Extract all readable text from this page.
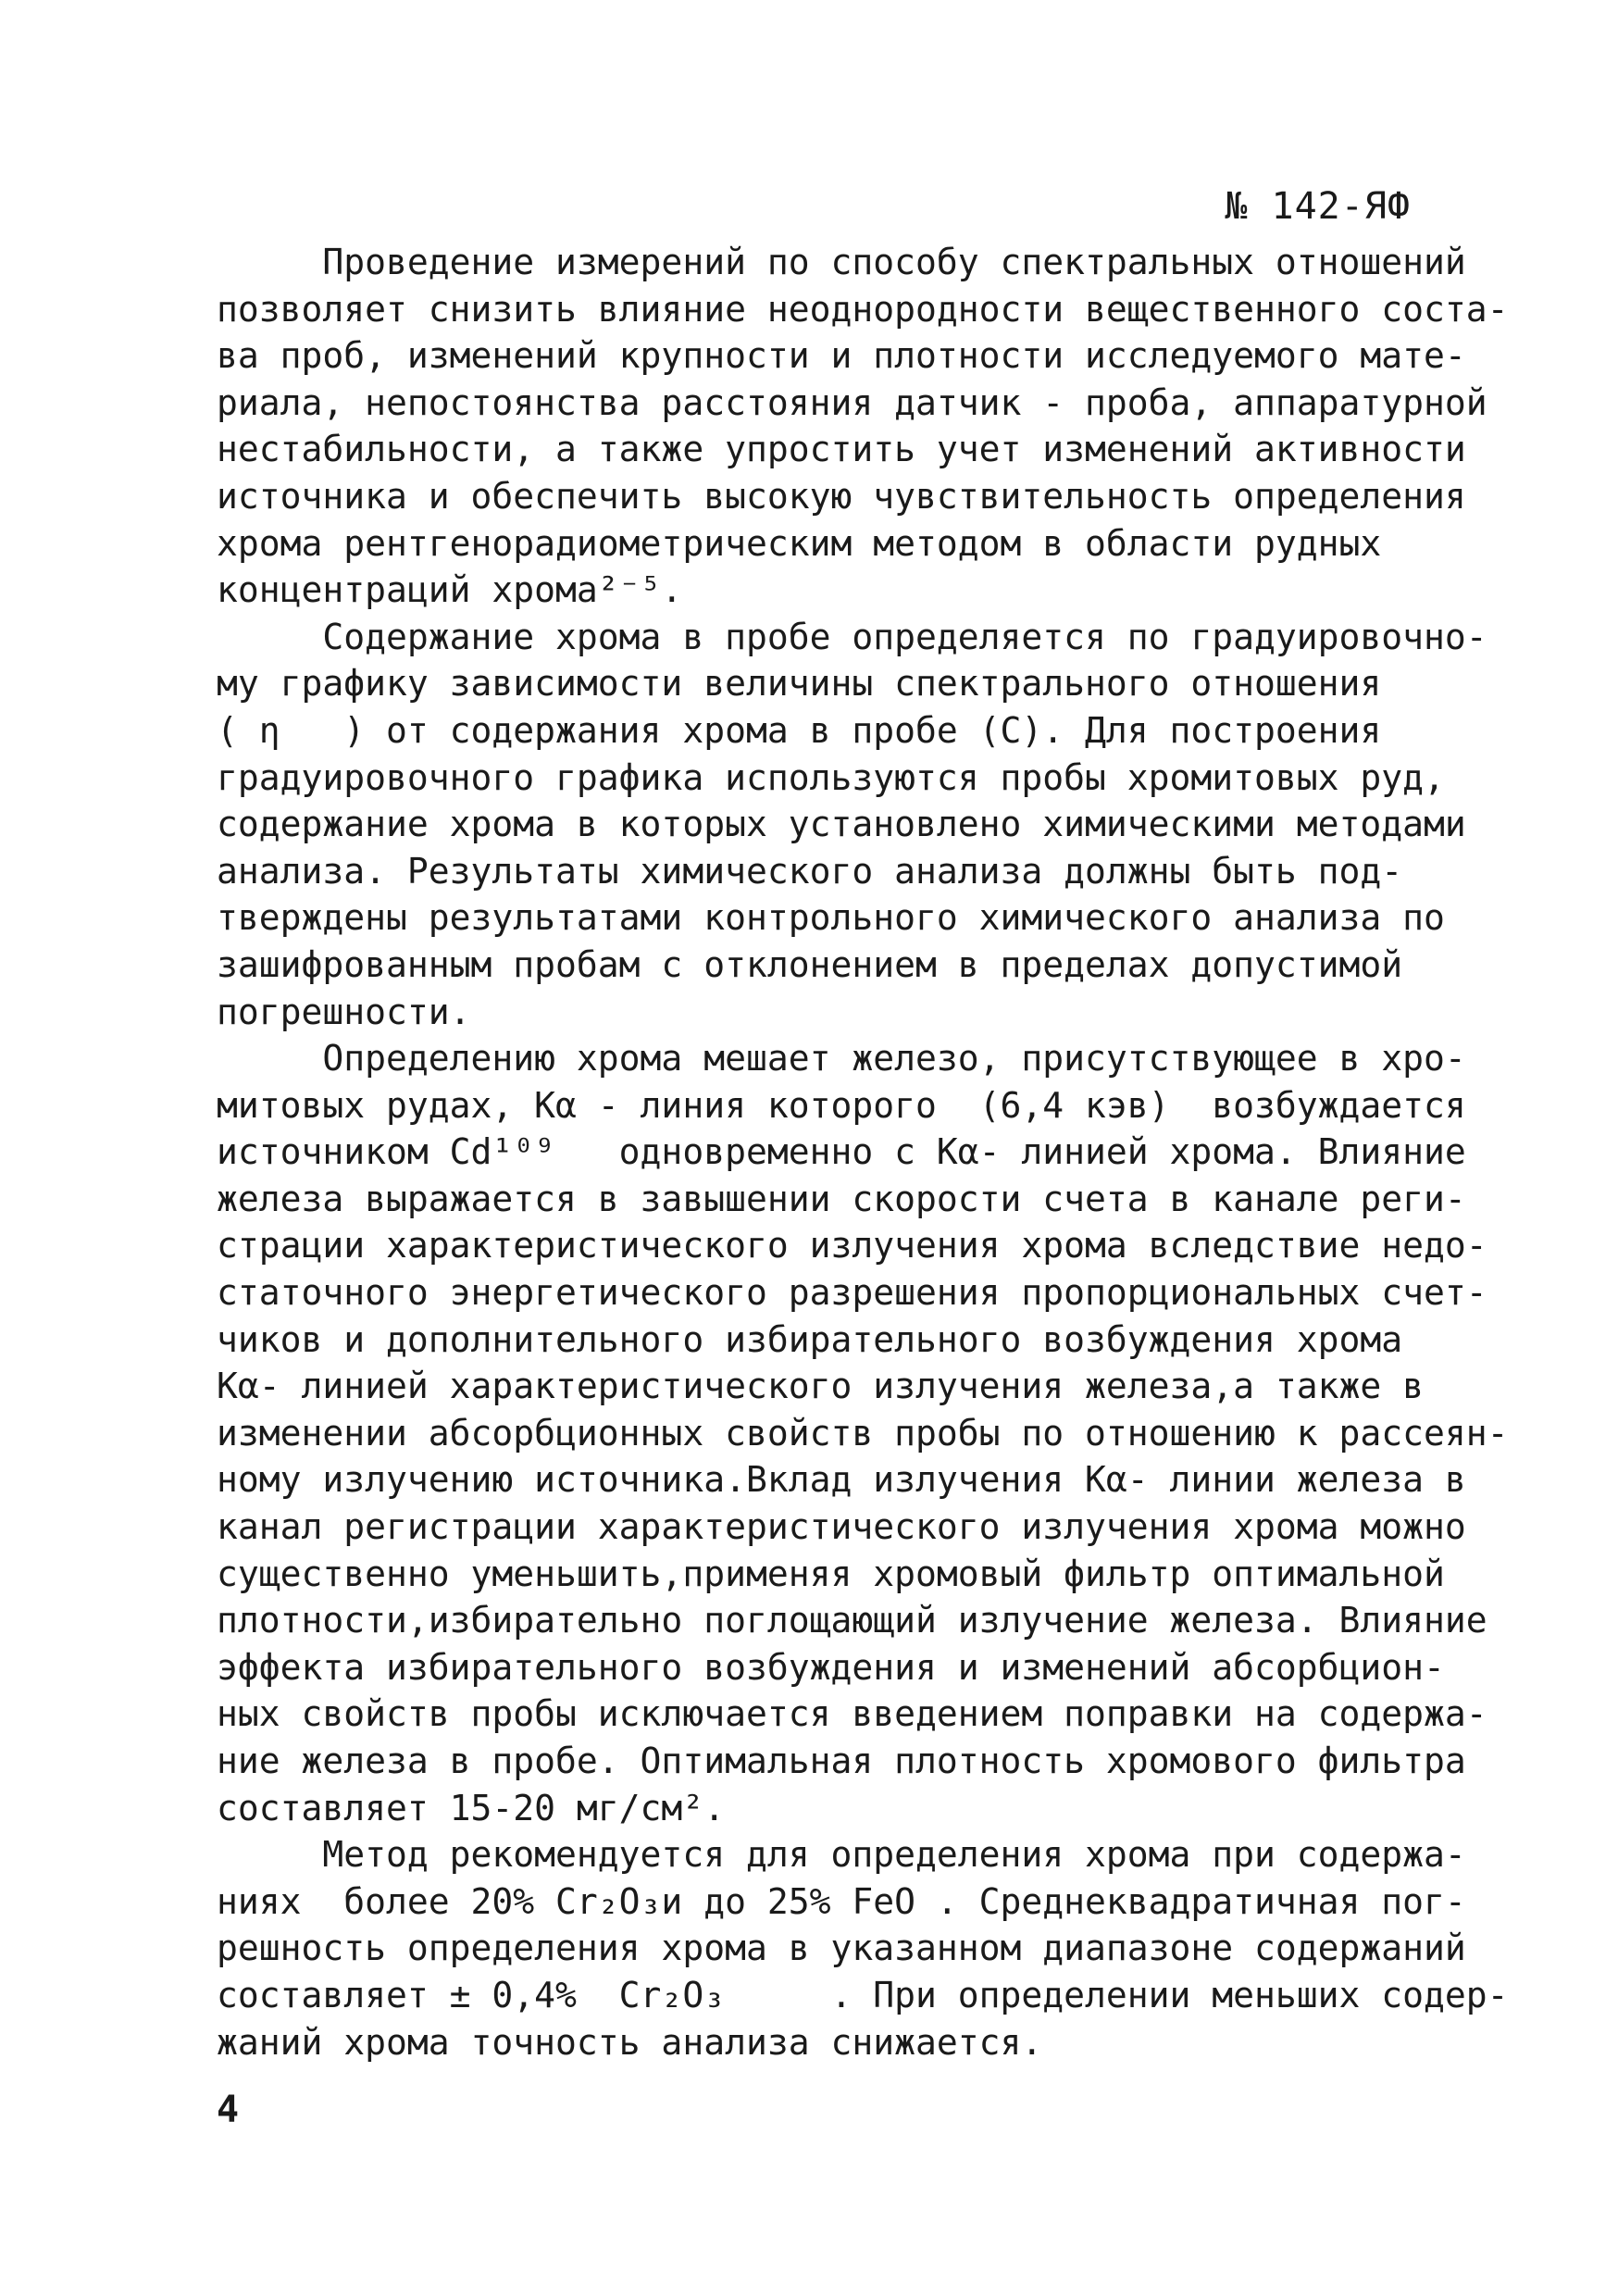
№ 142-ЯФ
Проведение измерений по способу спектральных отношений
позволяет снизить влияние неоднородности вещественного соста-
ва проб, изменений крупности и плотности исследуемого мате-
риала, непостоянства расстояния датчик - проба, аппаратурной
нестабильности, а также упростить учет изменений активности
источника и обеспечить высокую чувствительность определения
хрома рентгенорадиометрическим методом в области рудных
концентраций хрома²⁻⁵.
Содержание хрома в пробе определяется по градуировочно-
му графику зависимости величины спектрального отношения
( η   ) от содержания хрома в пробе (С). Для построения
градуировочного графика используются пробы хромитовых руд,
содержание хрома в которых установлено химическими методами
анализа. Результаты химического анализа должны быть под-
тверждены результатами контрольного химического анализа по
зашифрованным пробам с отклонением в пределах допустимой
погрешности.
Определению хрома мешает железо, присутствующее в хро-
митовых рудах, Kα - линия которого  (6,4 кэв)  возбуждается
источником Cd¹⁰⁹   одновременно с Kα- линией хрома. Влияние
железа выражается в завышении скорости счета в канале реги-
страции характеристического излучения хрома вследствие недо-
статочного энергетического разрешения пропорциональных счет-
чиков и дополнительного избирательного возбуждения хрома
Kα- линией характеристического излучения железа,а также в
изменении абсорбционных свойств пробы по отношению к рассеян-
ному излучению источника.Вклад излучения Kα- линии железа в
канал регистрации характеристического излучения хрома можно
существенно уменьшить,применяя хромовый фильтр оптимальной
плотности,избирательно поглощающий излучение железа. Влияние
эффекта избирательного возбуждения и изменений абсорбцион-
ных свойств пробы исключается введением поправки на содержа-
ние железа в пробе. Оптимальная плотность хромового фильтра
составляет 15-20 мг/см².
Метод рекомендуется для определения хрома при содержа-
ниях  более 20% Cr₂O₃и до 25% FeO . Среднеквадратичная пог-
решность определения хрома в указанном диапазоне содержаний
составляет ± 0,4%  Cr₂O₃     . При определении меньших содер-
жаний хрома точность анализа снижается.
4
